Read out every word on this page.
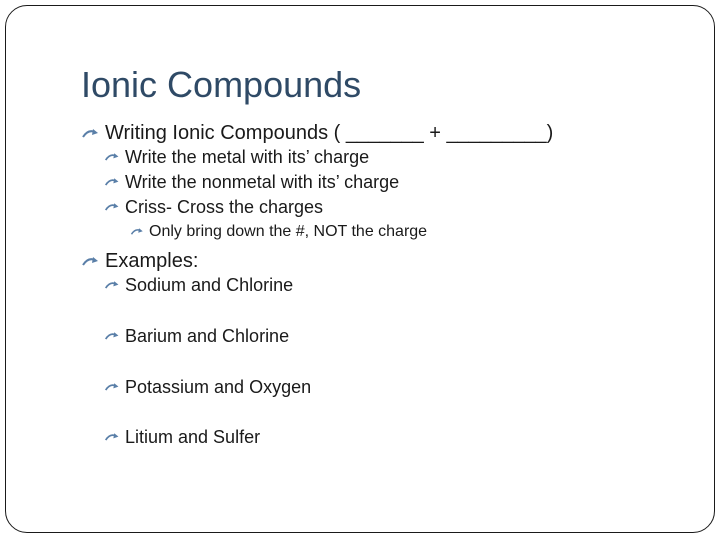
Ionic Compounds
Writing Ionic Compounds ( _______ + _________)
Write the metal with its’ charge
Write the nonmetal with its’ charge
Criss- Cross the charges
Only bring down the #, NOT the charge
Examples:
Sodium and Chlorine
Barium and Chlorine
Potassium and Oxygen
Litium and Sulfer
